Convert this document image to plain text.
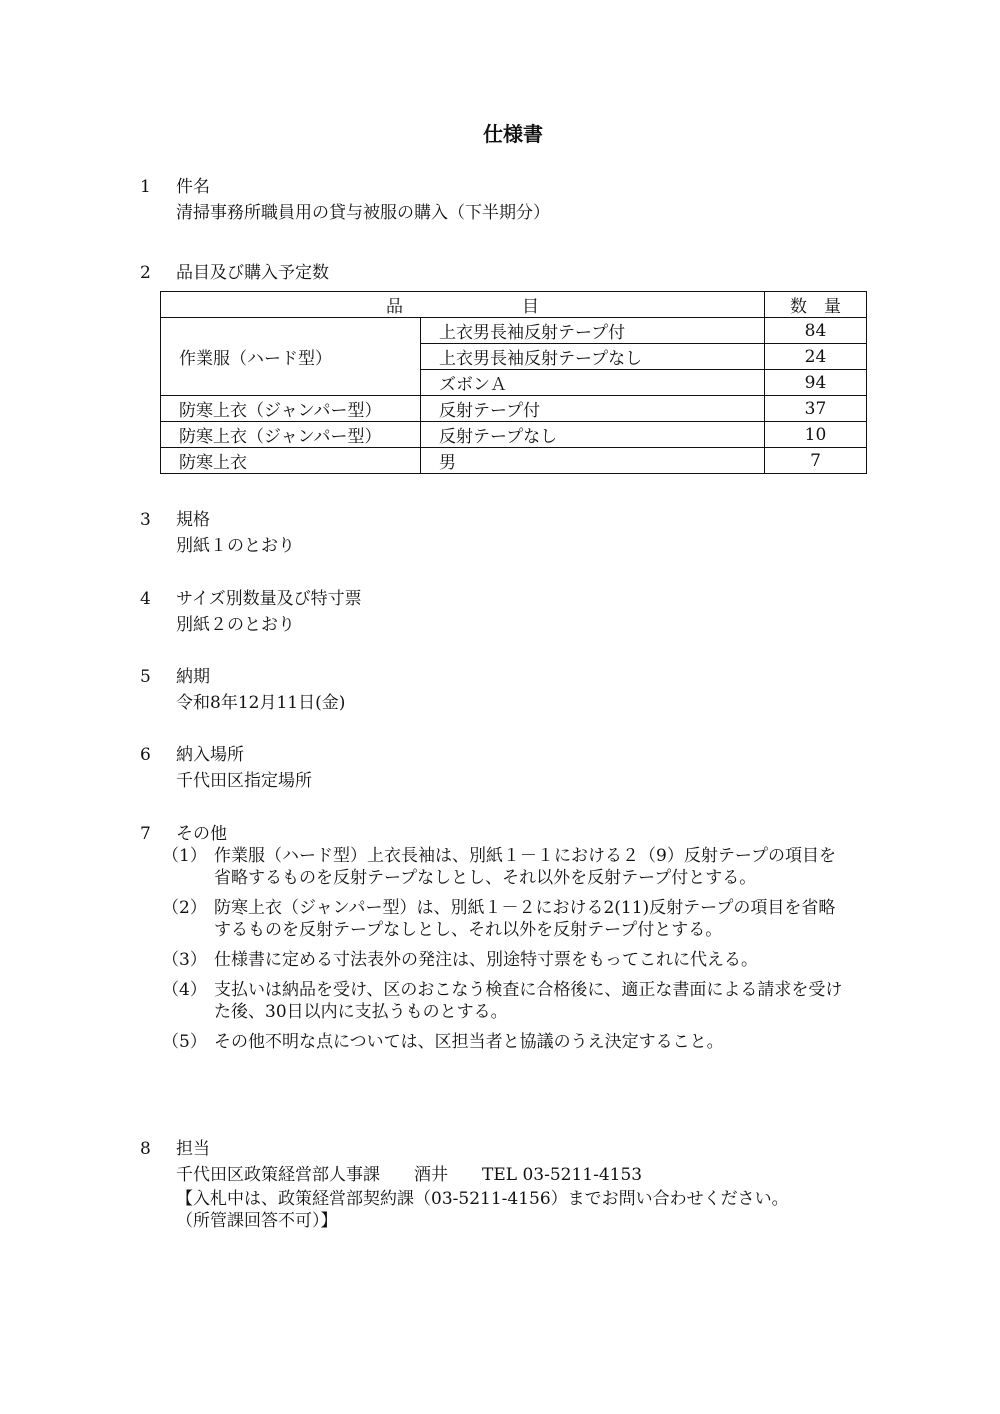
仕様書
1	件名
清掃事務所職員用の貸与被服の購入（下半期分）
2	品目及び購入予定数
品　　　　　　　目		数　量
作業服（ハード型）	上衣男長袖反射テープ付	84
	上衣男長袖反射テープなし	24
	ズボンＡ	94
防寒上衣（ジャンパー型）	反射テープ付	37
防寒上衣（ジャンパー型）	反射テープなし	10
防寒上衣	男	7
3	規格
別紙１のとおり
4	サイズ別数量及び特寸票
別紙２のとおり
5	納期
令和8年12月11日(金)
6	納入場所
千代田区指定場所
7	その他
（1） 作業服（ハード型）上衣長袖は、別紙１－１における２（9）反射テープの項目を省略するものを反射テープなしとし、それ以外を反射テープ付とする。
（2） 防寒上衣（ジャンパー型）は、別紙１－２における2(11)反射テープの項目を省略するものを反射テープなしとし、それ以外を反射テープ付とする。
（3） 仕様書に定める寸法表外の発注は、別途特寸票をもってこれに代える。
（4） 支払いは納品を受け、区のおこなう検査に合格後に、適正な書面による請求を受けた後、30日以内に支払うものとする。
（5） その他不明な点については、区担当者と協議のうえ決定すること。
8	担当
千代田区政策経営部人事課　　酒井　　TEL 03-5211-4153
【入札中は、政策経営部契約課（03-5211-4156）までお問い合わせください。
（所管課回答不可）】
